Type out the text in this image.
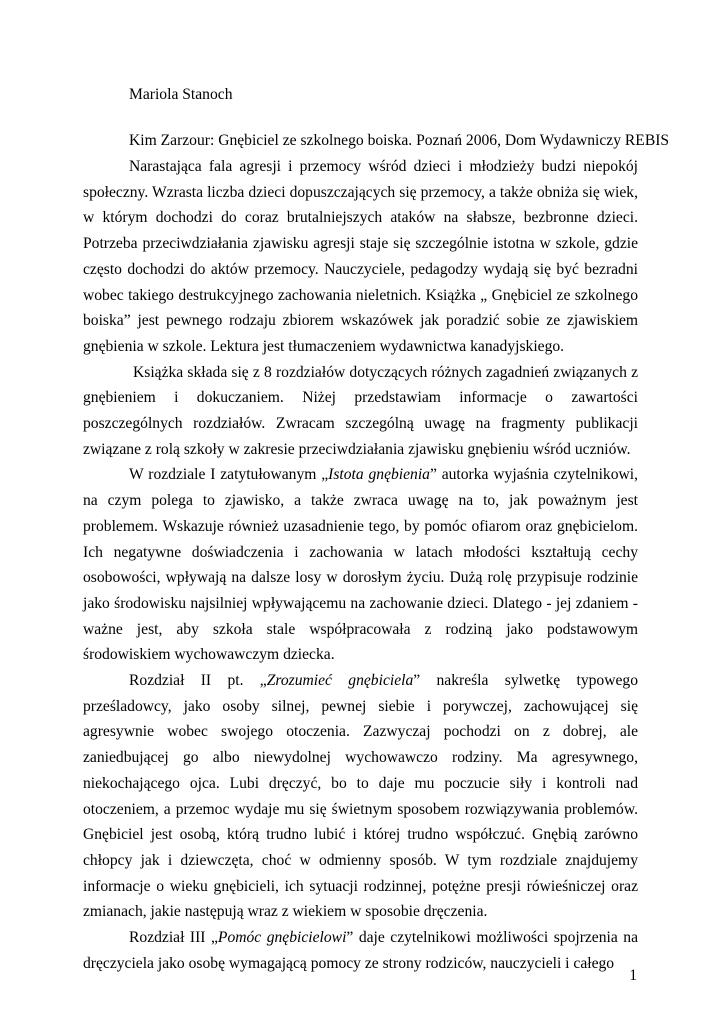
Mariola Stanoch

Kim Zarzour: Gnębiciel ze szkolnego boiska. Poznań 2006, Dom Wydawniczy REBIS

Narastająca fala agresji i przemocy wśród dzieci i młodzieży budzi niepokój społeczny. Wzrasta liczba dzieci dopuszczających się przemocy, a także obniża się wiek, w którym dochodzi do coraz brutalniejszych ataków na słabsze, bezbronne dzieci. Potrzeba przeciwdziałania zjawisku agresji staje się szczególnie istotna w szkole, gdzie często dochodzi do aktów przemocy. Nauczyciele, pedagodzy wydają się być bezradni wobec takiego destrukcyjnego zachowania nieletnich. Książka „ Gnębiciel ze szkolnego boiska” jest pewnego rodzaju zbiorem wskazówek jak poradzić sobie ze zjawiskiem gnębienia w szkole. Lektura jest tłumaczeniem wydawnictwa kanadyjskiego.

Książka składa się z 8 rozdziałów dotyczących różnych zagadnień związanych z gnębieniem i dokuczaniem. Niżej przedstawiam informacje o zawartości poszczególnych rozdziałów. Zwracam szczególną uwagę na fragmenty publikacji związane z rolą szkoły w zakresie przeciwdziałania zjawisku gnębieniu wśród uczniów.

W rozdziale I zatytułowanym „Istota gnębienia” autorka wyjaśnia czytelnikowi, na czym polega to zjawisko, a także zwraca uwagę na to, jak poważnym jest problemem. Wskazuje również uzasadnienie tego, by pomóc ofiarom oraz gnębicielom. Ich negatywne doświadczenia i zachowania w latach młodości kształtują cechy osobowości, wpływają na dalsze losy w dorosłym życiu. Dużą rolę przypisuje rodzinie jako środowisku najsilniej wpływającemu na zachowanie dzieci. Dlatego - jej zdaniem - ważne jest, aby szkoła stale współpracowała z rodziną jako podstawowym środowiskiem wychowawczym dziecka.

Rozdział II pt. „Zrozumieć gnębiciela” nakreśla sylwetkę typowego prześladowcy, jako osoby silnej, pewnej siebie i porywczej, zachowującej się agresywnie wobec swojego otoczenia. Zazwyczaj pochodzi on z dobrej, ale zaniedbującej go albo niewydolnej wychowawczo rodziny. Ma agresywnego, niekochającego ojca. Lubi dręczyć, bo to daje mu poczucie siły i kontroli nad otoczeniem, a przemoc wydaje mu się świetnym sposobem rozwiązywania problemów. Gnębiciel jest osobą, którą trudno lubić i której trudno współczuć. Gnębią zarówno chłopcy jak i dziewczęta, choć w odmienny sposób. W tym rozdziale znajdujemy informacje o wieku gnębicieli, ich sytuacji rodzinnej, potężne presji rówieśniczej oraz zmianach, jakie następują wraz z wiekiem w sposobie dręczenia.

Rozdział III „Pomóc gnębicielowi” daje czytelnikowi możliwości spojrzenia na dręczyciela jako osobę wymagającą pomocy ze strony rodziców, nauczycieli i całego

1
